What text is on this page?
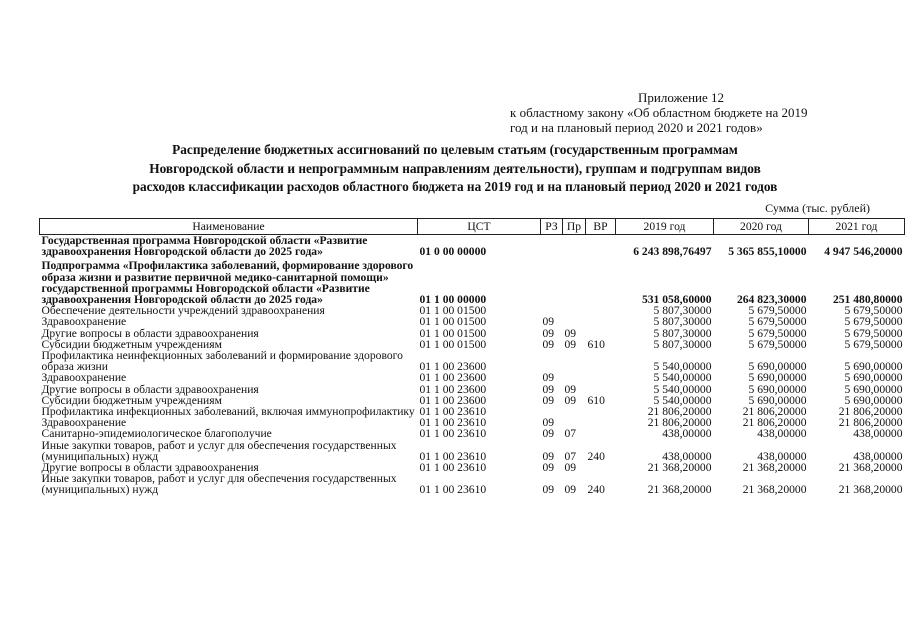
Приложение 12
к областному закону «Об областном бюджете на 2019
год и на плановый период 2020 и 2021 годов»
Распределение бюджетных ассигнований по целевым статьям (государственным программам
Новгородской области и непрограммным направлениям деятельности), группам и подгруппам видов
расходов классификации расходов областного бюджета на 2019 год и на плановый период 2020 и 2021 годов
Сумма (тыс. рублей)
Наименование	ЦСТ	РЗ	Пр	ВР	2019 год	2020 год	2021 год
Государственная программа Новгородской области «Развитие здравоохранения Новгородской области до 2025 года»	01 0 00 00000				6 243 898,76497	5 365 855,10000	4 947 546,20000
Подпрограмма «Профилактика заболеваний, формирование здорового образа жизни и развитие первичной медико-санитарной помощи» государственной программы Новгородской области «Развитие здравоохранения Новгородской области до 2025 года»	01 1 00 00000				531 058,60000	264 823,30000	251 480,80000
Обеспечение деятельности учреждений здравоохранения	01 1 00 01500				5 807,30000	5 679,50000	5 679,50000
Здравоохранение	01 1 00 01500	09			5 807,30000	5 679,50000	5 679,50000
Другие вопросы в области здравоохранения	01 1 00 01500	09	09		5 807,30000	5 679,50000	5 679,50000
Субсидии бюджетным учреждениям	01 1 00 01500	09	09	610	5 807,30000	5 679,50000	5 679,50000
Профилактика неинфекционных заболеваний и формирование здорового образа жизни	01 1 00 23600				5 540,00000	5 690,00000	5 690,00000
Здравоохранение	01 1 00 23600	09			5 540,00000	5 690,00000	5 690,00000
Другие вопросы в области здравоохранения	01 1 00 23600	09	09		5 540,00000	5 690,00000	5 690,00000
Субсидии бюджетным учреждениям	01 1 00 23600	09	09	610	5 540,00000	5 690,00000	5 690,00000
Профилактика инфекционных заболеваний, включая иммунопрофилактику	01 1 00 23610				21 806,20000	21 806,20000	21 806,20000
Здравоохранение	01 1 00 23610	09			21 806,20000	21 806,20000	21 806,20000
Санитарно-эпидемиологическое благополучие	01 1 00 23610	09	07		438,00000	438,00000	438,00000
Иные закупки товаров, работ и услуг для обеспечения государственных (муниципальных) нужд	01 1 00 23610	09	07	240	438,00000	438,00000	438,00000
Другие вопросы в области здравоохранения	01 1 00 23610	09	09		21 368,20000	21 368,20000	21 368,20000
Иные закупки товаров, работ и услуг для обеспечения государственных (муниципальных) нужд	01 1 00 23610	09	09	240	21 368,20000	21 368,20000	21 368,20000
